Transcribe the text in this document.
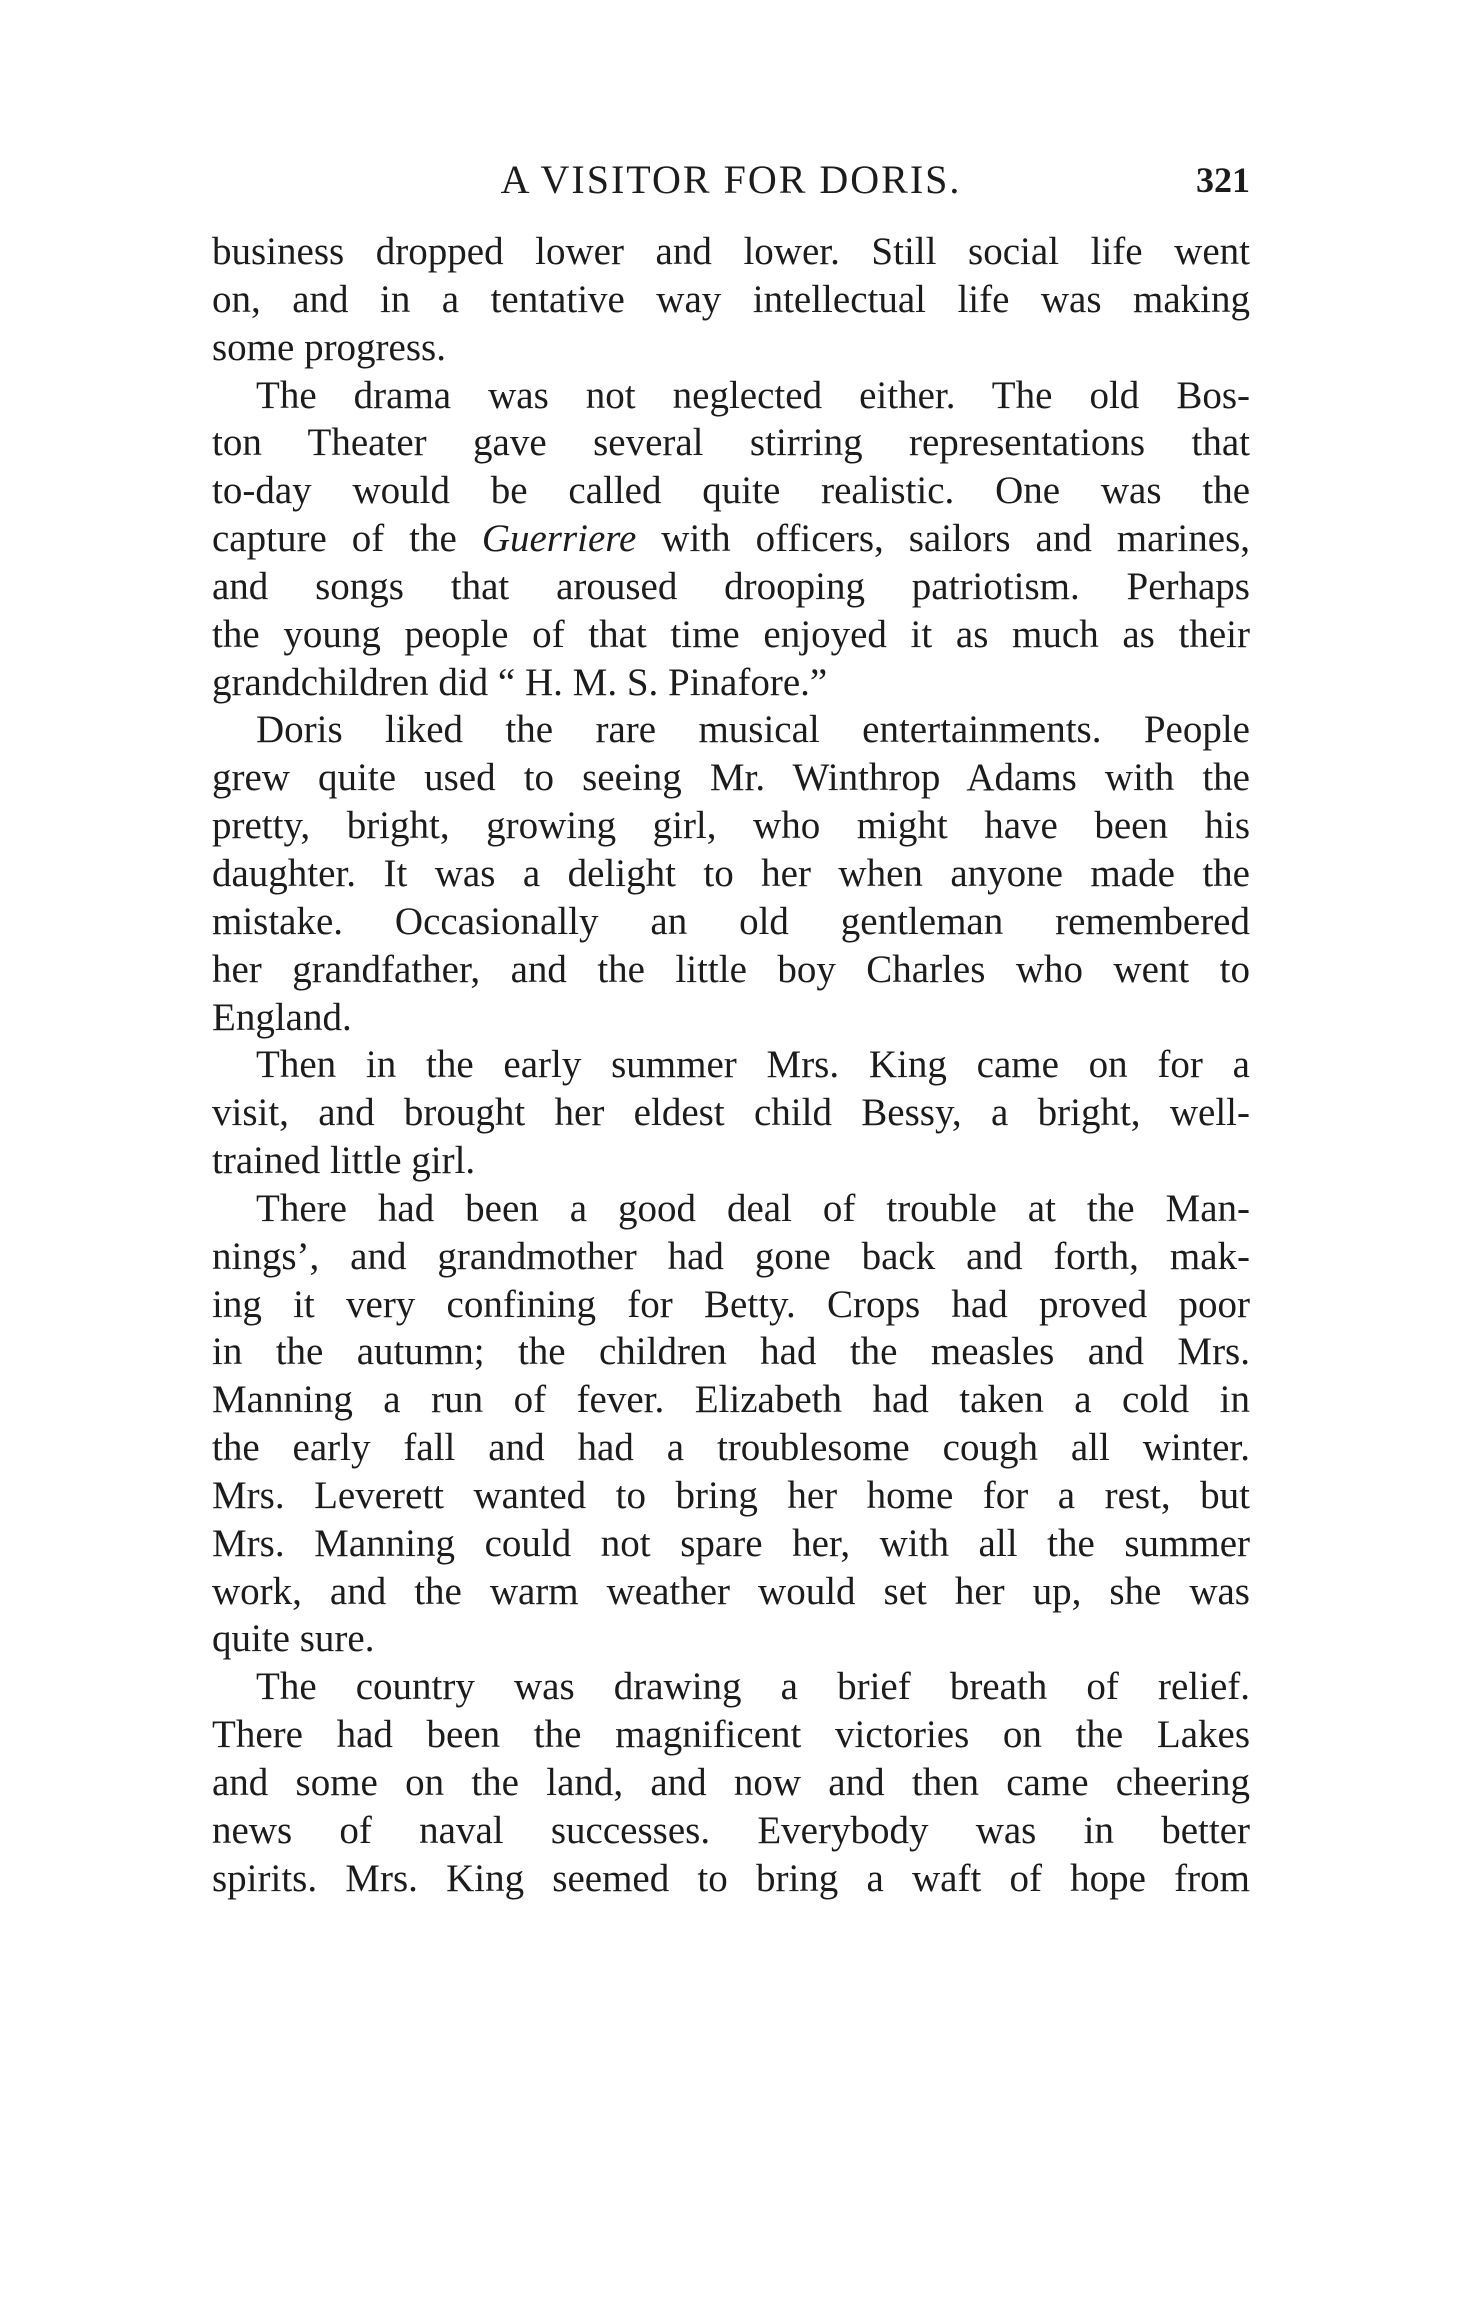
A VISITOR FOR DORIS.	321
business dropped lower and lower. Still social life went
on, and in a tentative way intellectual life was making
some progress.
The drama was not neglected either. The old Bos-
ton Theater gave several stirring representations that
to-day would be called quite realistic. One was the
capture of the Guerriere with officers, sailors and marines,
and songs that aroused drooping patriotism. Perhaps
the young people of that time enjoyed it as much as their
grandchildren did “ H. M. S. Pinafore.”
Doris liked the rare musical entertainments. People
grew quite used to seeing Mr. Winthrop Adams with the
pretty, bright, growing girl, who might have been his
daughter. It was a delight to her when anyone made the
mistake. Occasionally an old gentleman remembered
her grandfather, and the little boy Charles who went to
England.
Then in the early summer Mrs. King came on for a
visit, and brought her eldest child Bessy, a bright, well-
trained little girl.
There had been a good deal of trouble at the Man-
nings’, and grandmother had gone back and forth, mak-
ing it very confining for Betty. Crops had proved poor
in the autumn; the children had the measles and Mrs.
Manning a run of fever. Elizabeth had taken a cold in
the early fall and had a troublesome cough all winter.
Mrs. Leverett wanted to bring her home for a rest, but
Mrs. Manning could not spare her, with all the summer
work, and the warm weather would set her up, she was
quite sure.
The country was drawing a brief breath of relief.
There had been the magnificent victories on the Lakes
and some on the land, and now and then came cheering
news of naval successes. Everybody was in better
spirits. Mrs. King seemed to bring a waft of hope from
